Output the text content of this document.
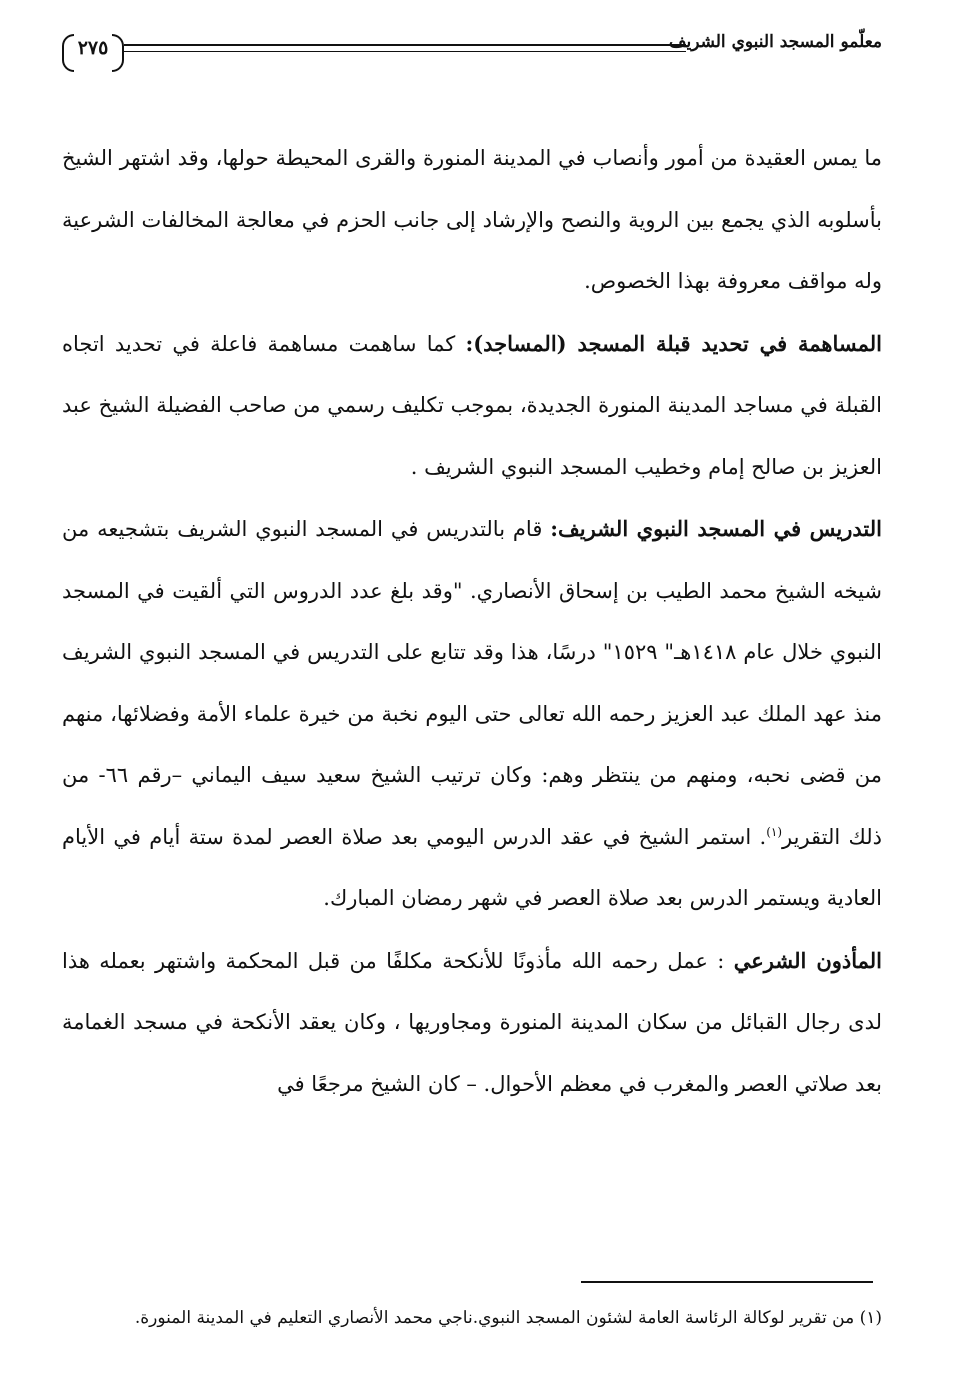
٢٧٥	معلّمو المسجد النبوي الشريف

ما يمس العقيدة من أمور وأنصاب في المدينة المنورة والقرى المحيطة حولها، وقد اشتهر الشيخ بأسلوبه الذي يجمع بين الروية والنصح والإرشاد إلى جانب الحزم في معالجة المخالفات الشرعية وله مواقف معروفة بهذا الخصوص.

المساهمة في تحديد قبلة المسجد (المساجد): كما ساهمت مساهمة فاعلة في تحديد اتجاه القبلة في مساجد المدينة المنورة الجديدة، بموجب تكليف رسمي من صاحب الفضيلة الشيخ عبد العزيز بن صالح إمام وخطيب المسجد النبوي الشريف .

التدريس في المسجد النبوي الشريف: قام بالتدريس في المسجد النبوي الشريف بتشجيعه من شيخه الشيخ محمد الطيب بن إسحاق الأنصاري. "وقد بلغ عدد الدروس التي ألقيت في المسجد النبوي خلال عام ١٤١٨هـ" ١٥٢٩" درسًا، هذا وقد تتابع على التدريس في المسجد النبوي الشريف منذ عهد الملك عبد العزيز رحمه الله تعالى حتى اليوم نخبة من خيرة علماء الأمة وفضلائها، منهم من قضى نحبه، ومنهم من ينتظر وهم: وكان ترتيب الشيخ سعيد سيف اليماني –رقم ٦٦- من ذلك التقرير$^{(١)}$. استمر الشيخ في عقد الدرس اليومي بعد صلاة العصر لمدة ستة أيام في الأيام العادية ويستمر الدرس بعد صلاة العصر في شهر رمضان المبارك.

المأذون الشرعي : عمل رحمه الله مأذونًا للأنكحة مكلفًا من قبل المحكمة واشتهر بعمله هذا لدى رجال القبائل من سكان المدينة المنورة ومجاوريها ، وكان يعقد الأنكحة في مسجد الغمامة بعد صلاتي العصر والمغرب في معظم الأحوال. – كان الشيخ مرجعًا في

(١) من تقرير لوكالة الرئاسة العامة لشئون المسجد النبوي.ناجي محمد الأنصاري التعليم في المدينة المنورة.
